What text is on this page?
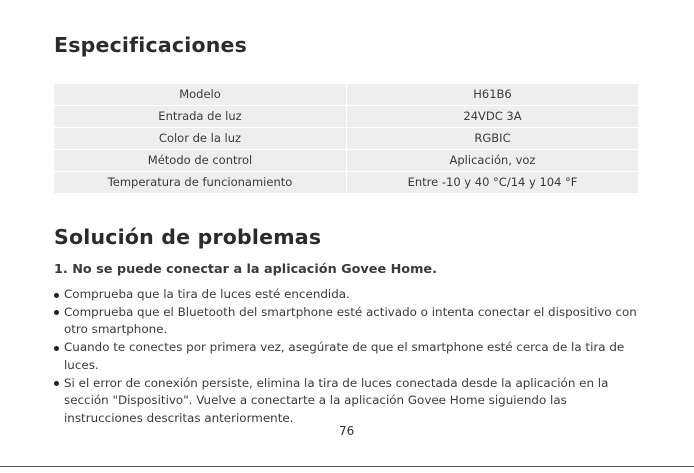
Especificaciones
Modelo	H61B6
Entrada de luz	24VDC 3A
Color de la luz	RGBIC
Método de control	Aplicación, voz
Temperatura de funcionamiento	Entre -10 y 40 °C/14 y 104 °F
Solución de problemas
1. No se puede conectar a la aplicación Govee Home.
Comprueba que la tira de luces esté encendida.
Comprueba que el Bluetooth del smartphone esté activado o intenta conectar el dispositivo con otro smartphone.
Cuando te conectes por primera vez, asegúrate de que el smartphone esté cerca de la tira de luces.
Si el error de conexión persiste, elimina la tira de luces conectada desde la aplicación en la sección "Dispositivo". Vuelve a conectarte a la aplicación Govee Home siguiendo las instrucciones descritas anteriormente.
76
